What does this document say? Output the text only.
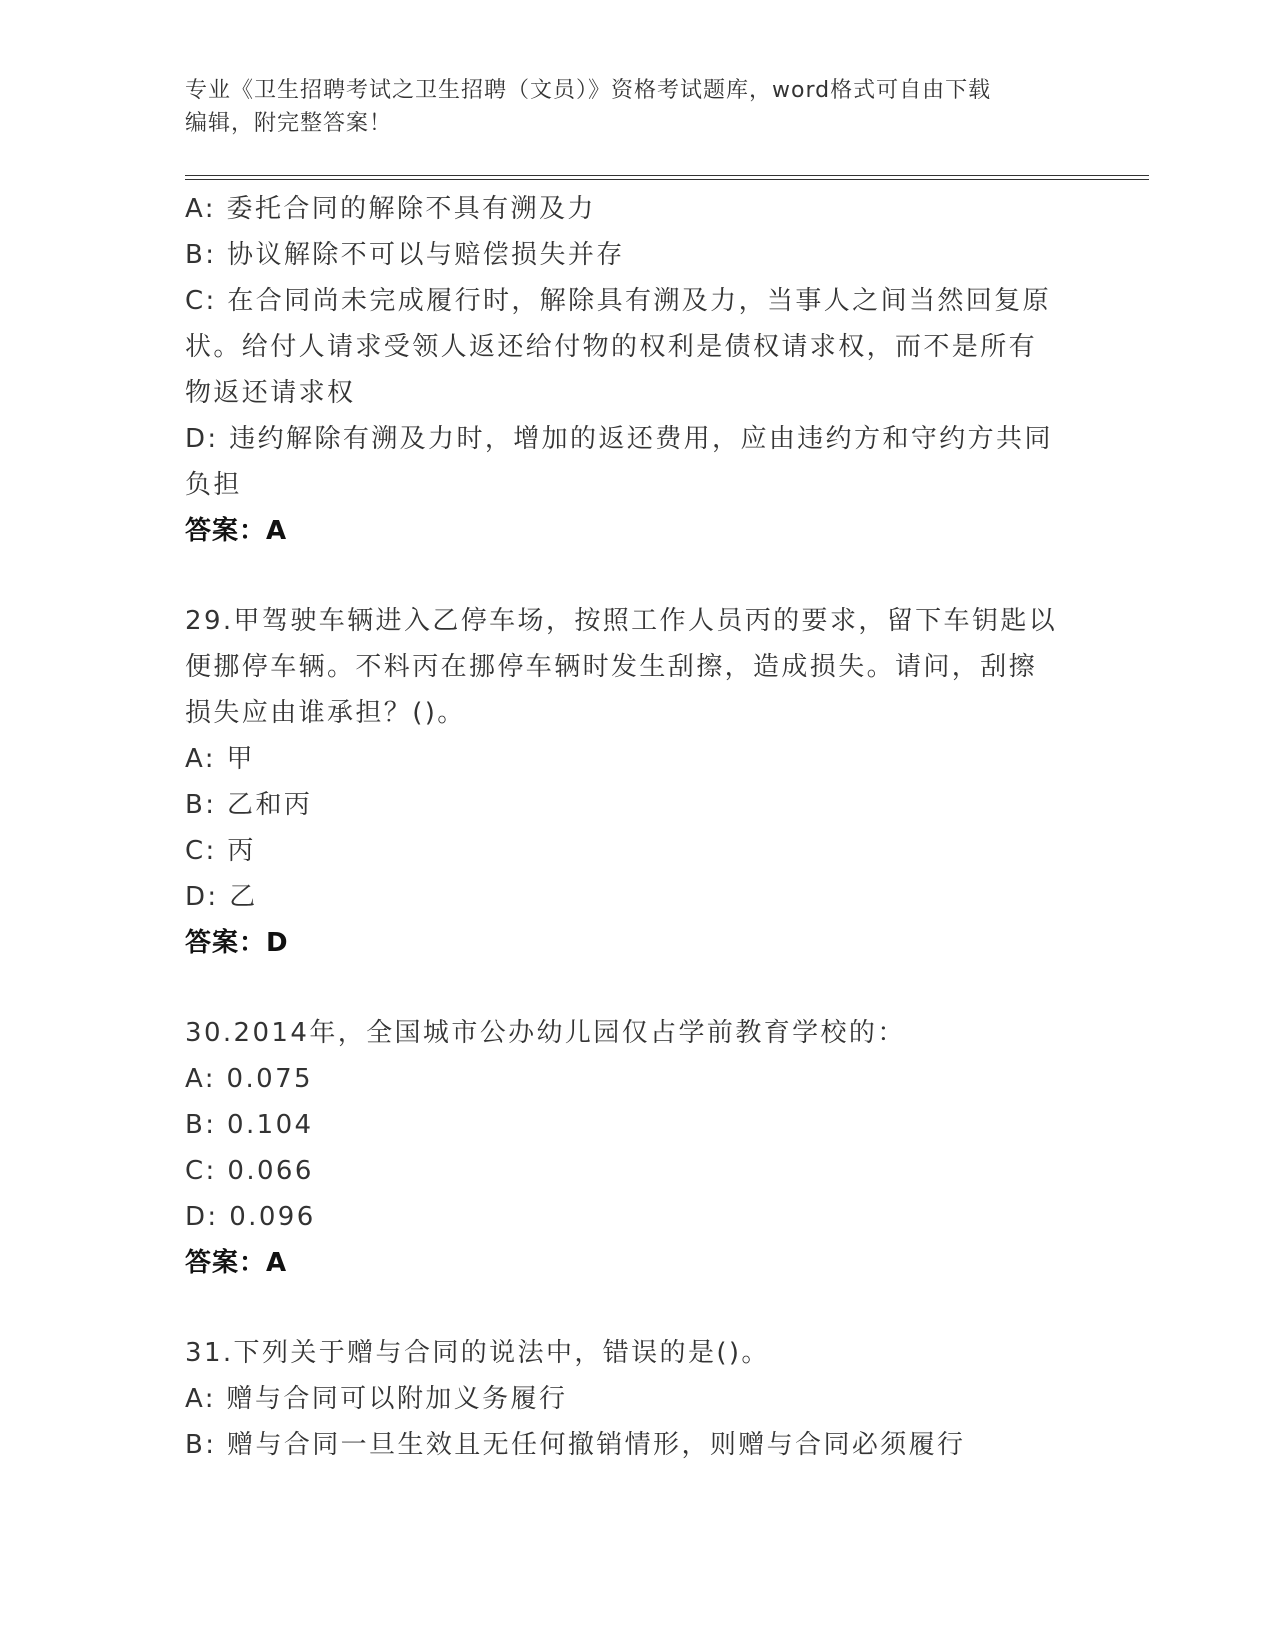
专业《卫生招聘考试之卫生招聘（文员）》资格考试题库，word格式可自由下载
编辑，附完整答案！
A: 委托合同的解除不具有溯及力
B: 协议解除不可以与赔偿损失并存
C: 在合同尚未完成履行时，解除具有溯及力，当事人之间当然回复原
状。给付人请求受领人返还给付物的权利是债权请求权，而不是所有
物返还请求权
D: 违约解除有溯及力时，增加的返还费用，应由违约方和守约方共同
负担
答案：A
29.甲驾驶车辆进入乙停车场，按照工作人员丙的要求，留下车钥匙以
便挪停车辆。不料丙在挪停车辆时发生刮擦，造成损失。请问，刮擦
损失应由谁承担？()。
A: 甲
B: 乙和丙
C: 丙
D: 乙
答案：D
30.2014年，全国城市公办幼儿园仅占学前教育学校的：
A: 0.075
B: 0.104
C: 0.066
D: 0.096
答案：A
31.下列关于赠与合同的说法中，错误的是()。
A: 赠与合同可以附加义务履行
B: 赠与合同一旦生效且无任何撤销情形，则赠与合同必须履行
